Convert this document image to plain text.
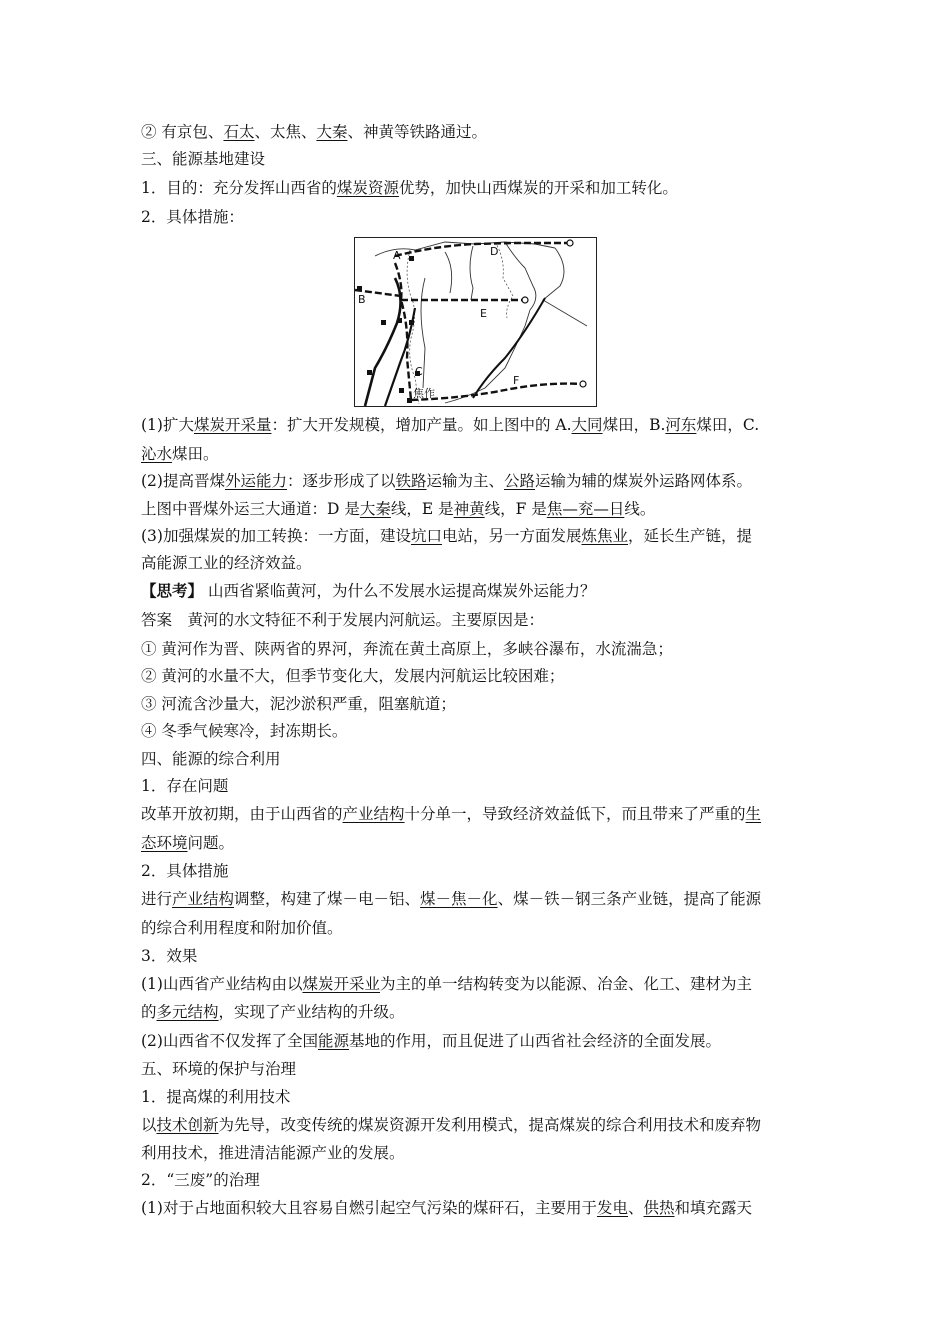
② 有京包、石太、太焦、大秦、神黄等铁路通过。
三、能源基地建设
1．目的：充分发挥山西省的煤炭资源优势，加快山西煤炭的开采和加工转化。
2．具体措施：
(1)扩大煤炭开采量：扩大开发规模，增加产量。如上图中的 A.大同煤田，B.河东煤田，C.
沁水煤田。
(2)提高晋煤外运能力：逐步形成了以铁路运输为主、公路运输为辅的煤炭外运路网体系。
上图中晋煤外运三大通道：D 是大秦线，E 是神黄线，F 是焦—兖—日线。
(3)加强煤炭的加工转换：一方面，建设坑口电站，另一方面发展炼焦业，延长生产链，提
高能源工业的经济效益。
【思考】 山西省紧临黄河，为什么不发展水运提高煤炭外运能力？
答案　黄河的水文特征不利于发展内河航运。主要原因是：
① 黄河作为晋、陕两省的界河，奔流在黄土高原上，多峡谷瀑布，水流湍急；
② 黄河的水量不大，但季节变化大，发展内河航运比较困难；
③ 河流含沙量大，泥沙淤积严重，阻塞航道；
④ 冬季气候寒冷，封冻期长。
四、能源的综合利用
1．存在问题
改革开放初期，由于山西省的产业结构十分单一，导致经济效益低下，而且带来了严重的生
态环境问题。
2．具体措施
进行产业结构调整，构建了煤－电－铝、煤－焦－化、煤－铁－钢三条产业链，提高了能源
的综合利用程度和附加价值。
3．效果
(1)山西省产业结构由以煤炭开采业为主的单一结构转变为以能源、冶金、化工、建材为主
的多元结构，实现了产业结构的升级。
(2)山西省不仅发挥了全国能源基地的作用，而且促进了山西省社会经济的全面发展。
五、环境的保护与治理
1．提高煤的利用技术
以技术创新为先导，改变传统的煤炭资源开发利用模式，提高煤炭的综合利用技术和废弃物
利用技术，推进清洁能源产业的发展。
2．“三废”的治理
(1)对于占地面积较大且容易自燃引起空气污染的煤矸石，主要用于发电、供热和填充露天
A
B
C
D
E
F
焦作
